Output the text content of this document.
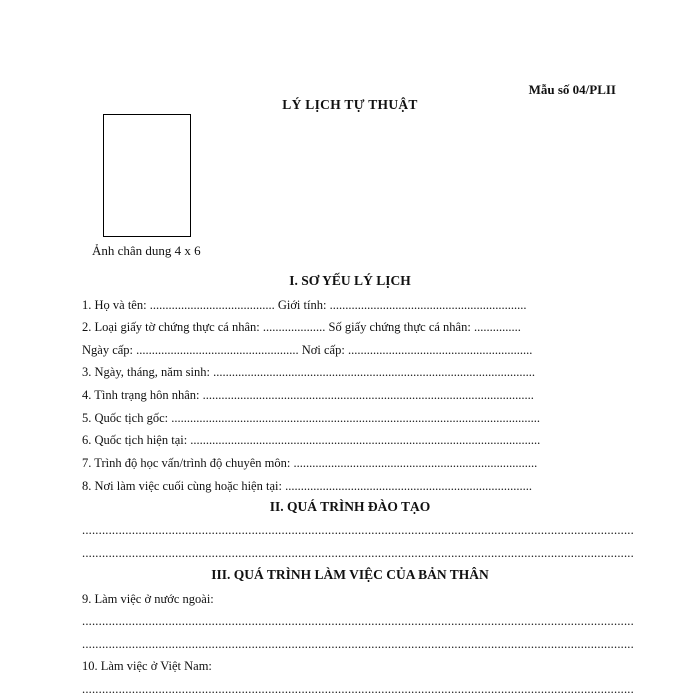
Mẫu số 04/PLII
LÝ LỊCH TỰ THUẬT
Ảnh chân dung 4 x 6
I. SƠ YẾU LÝ LỊCH
1. Họ và tên: ........................................ Giới tính: ...............................................................
2. Loại giấy tờ chứng thực cá nhân: .................... Số giấy chứng thực cá nhân: ...............
Ngày cấp: .................................................... Nơi cấp: ...........................................................
3. Ngày, tháng, năm sinh: .......................................................................................................
4. Tình trạng hôn nhân: ..........................................................................................................
5. Quốc tịch gốc: ......................................................................................................................
6. Quốc tịch hiện tại: ................................................................................................................
7. Trình độ học vấn/trình độ chuyên môn: ..............................................................................
8. Nơi làm việc cuối cùng hoặc hiện tại: ...............................................................................
II. QUÁ TRÌNH ĐÀO TẠO
......................................................................................................................................................................
......................................................................................................................................................................
III. QUÁ TRÌNH LÀM VIỆC CỦA BẢN THÂN
9. Làm việc ở nước ngoài:
......................................................................................................................................................................
......................................................................................................................................................................
10. Làm việc ở Việt Nam:
......................................................................................................................................................................
